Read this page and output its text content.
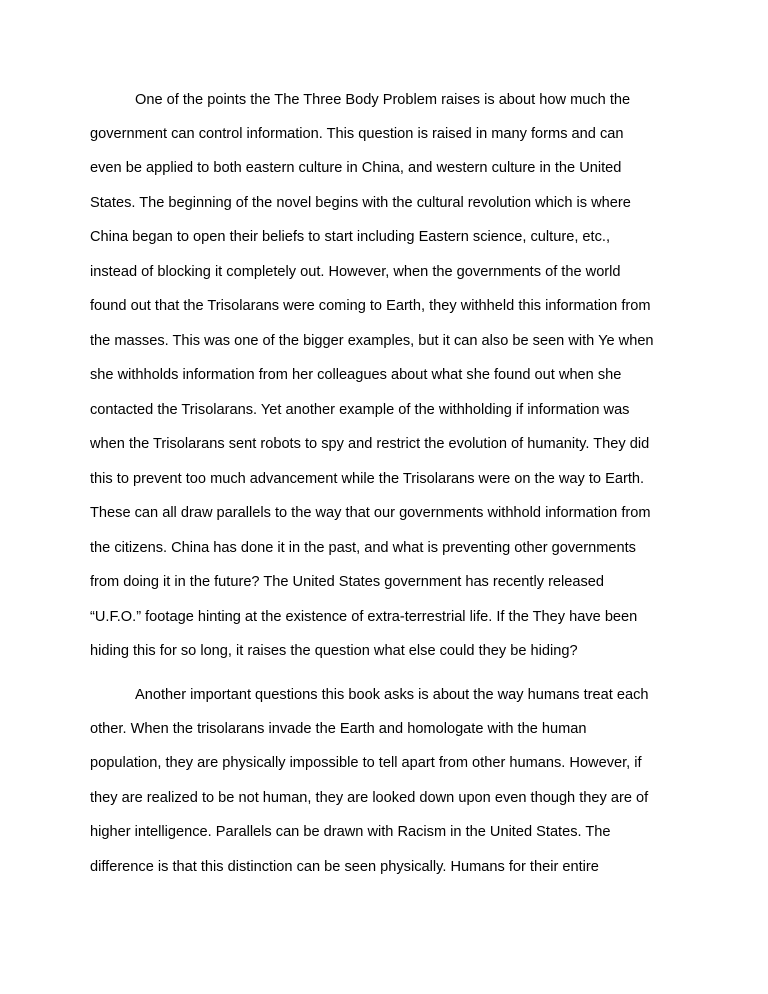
One of the points the The Three Body Problem raises is about how much the

government can control information. This question is raised in many forms and can

even be applied to both eastern culture in China, and western culture in the United

States. The beginning of the novel begins with the cultural revolution which is where

China began to open their beliefs to start including Eastern science, culture, etc.,

instead of blocking it completely out. However, when the governments of the world

found out that the Trisolarans were coming to Earth, they withheld this information from

the masses. This was one of the bigger examples, but it can also be seen with Ye when

she withholds information from her colleagues about what she found out when she

contacted the Trisolarans. Yet another example of the withholding if information was

when the Trisolarans sent robots to spy and restrict the evolution of humanity. They did

this to prevent too much advancement while the Trisolarans were on the way to Earth.

These can all draw parallels to the way that our governments withhold information from

the citizens. China has done it in the past, and what is preventing other governments

from doing it in the future? The United States government has recently released

“U.F.O.” footage hinting at the existence of extra-terrestrial life. If the They have been

hiding this for so long, it raises the question what else could they be hiding?

Another important questions this book asks is about the way humans treat each

other. When the trisolarans invade the Earth and homologate with the human

population, they are physically impossible to tell apart from other humans. However, if

they are realized to be not human, they are looked down upon even though they are of

higher intelligence. Parallels can be drawn with Racism in the United States. The

difference is that this distinction can be seen physically. Humans for their entire
